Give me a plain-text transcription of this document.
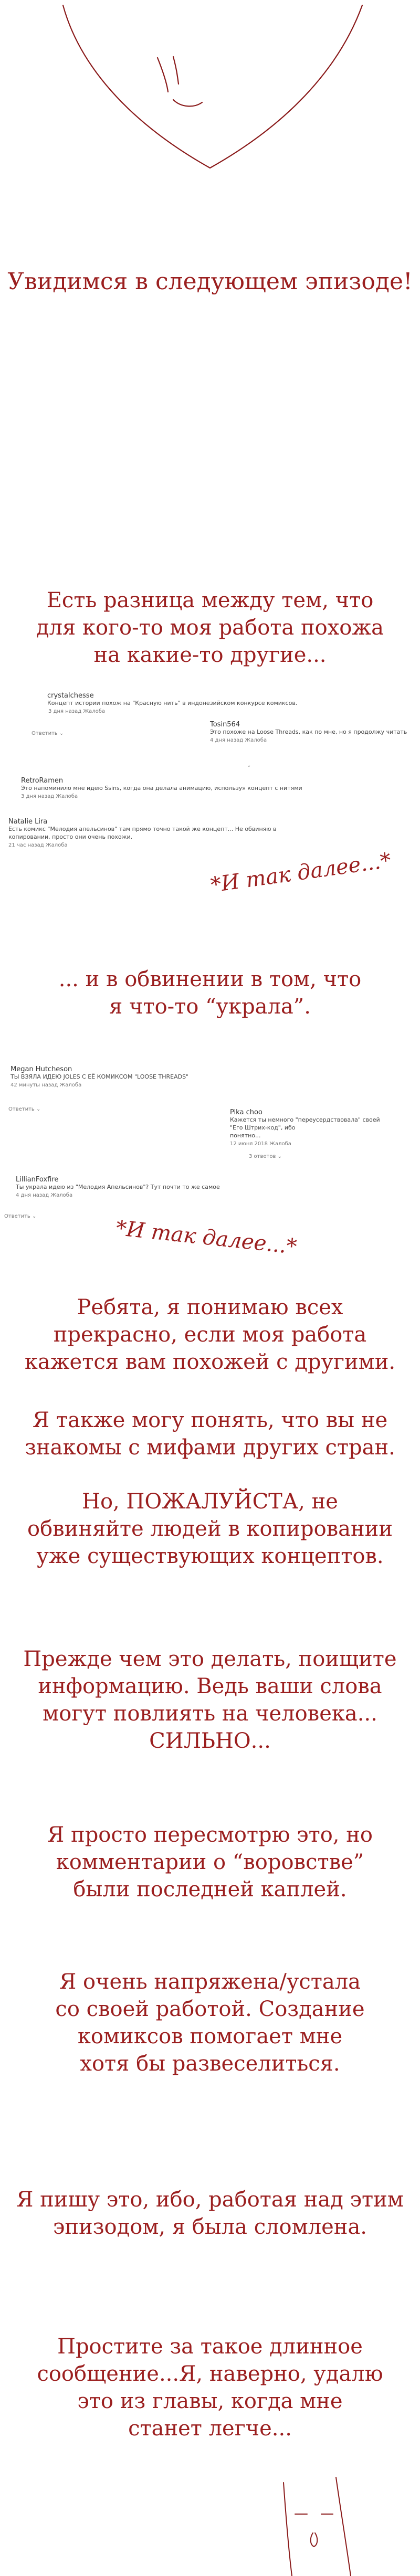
Увидимся в следующем эпизоде!
Есть разница между тем, что
для кого-то моя работа похожа
на какие-то другие...
crystalchesse
Концепт истории похож на "Красную нить" в индонезийском конкурсе комиксов.
3 дня назад Жалоба
Ответить ⌄
Tosin564
Это похоже на Loose Threads, как по мне, но я продолжу читать
4 дня назад Жалоба
⌄
RetroRamen
Это напоминило мне идею Ssins, когда она делала анимацию, используя концепт с нитями
3 дня назад Жалоба
Natalie Lira
Есть комикс "Мелодия апельсинов" там прямо точно такой же концепт... Не обвиняю в
копировании, просто они очень похожи.
21 час назад Жалоба
*И так далее...*
... и в обвинении в том, что
я что-то “украла”.
Megan Hutcheson
ТЫ ВЗЯЛА ИДЕЮ JOLES С ЕЁ КОМИКСОМ "LOOSE THREADS"
42 минуты назад Жалоба
Ответить ⌄	Pika choo
Кажется ты немного "переусердствовала" своей
"Его Штрих-код", ибо
понятно...
12 июня 2018 Жалоба
3 ответов ⌄
LillianFoxfire
Ты украла идею из "Мелодия Апельсинов"? Тут почти то же самое
4 дня назад Жалоба
Ответить ⌄	*И так далее...*
Ребята, я понимаю всех
прекрасно, если моя работа
кажется вам похожей с другими.
Я также могу понять, что вы не
знакомы с мифами других стран.
Но, ПОЖАЛУЙСТА, не
обвиняйте людей в копировании
уже существующих концептов.
Прежде чем это делать, поищите
информацию. Ведь ваши слова
могут повлиять на человека...
СИЛЬНО...
Я просто пересмотрю это, но
комментарии о “воровстве”
были последней каплей.
Я очень напряжена/устала
со своей работой. Создание
комиксов помогает мне
хотя бы развеселиться.
Я пишу это, ибо, работая над этим
эпизодом, я была сломлена.
Простите за такое длинное
сообщение...Я, наверно, удалю
это из главы, когда мне
станет легче...
